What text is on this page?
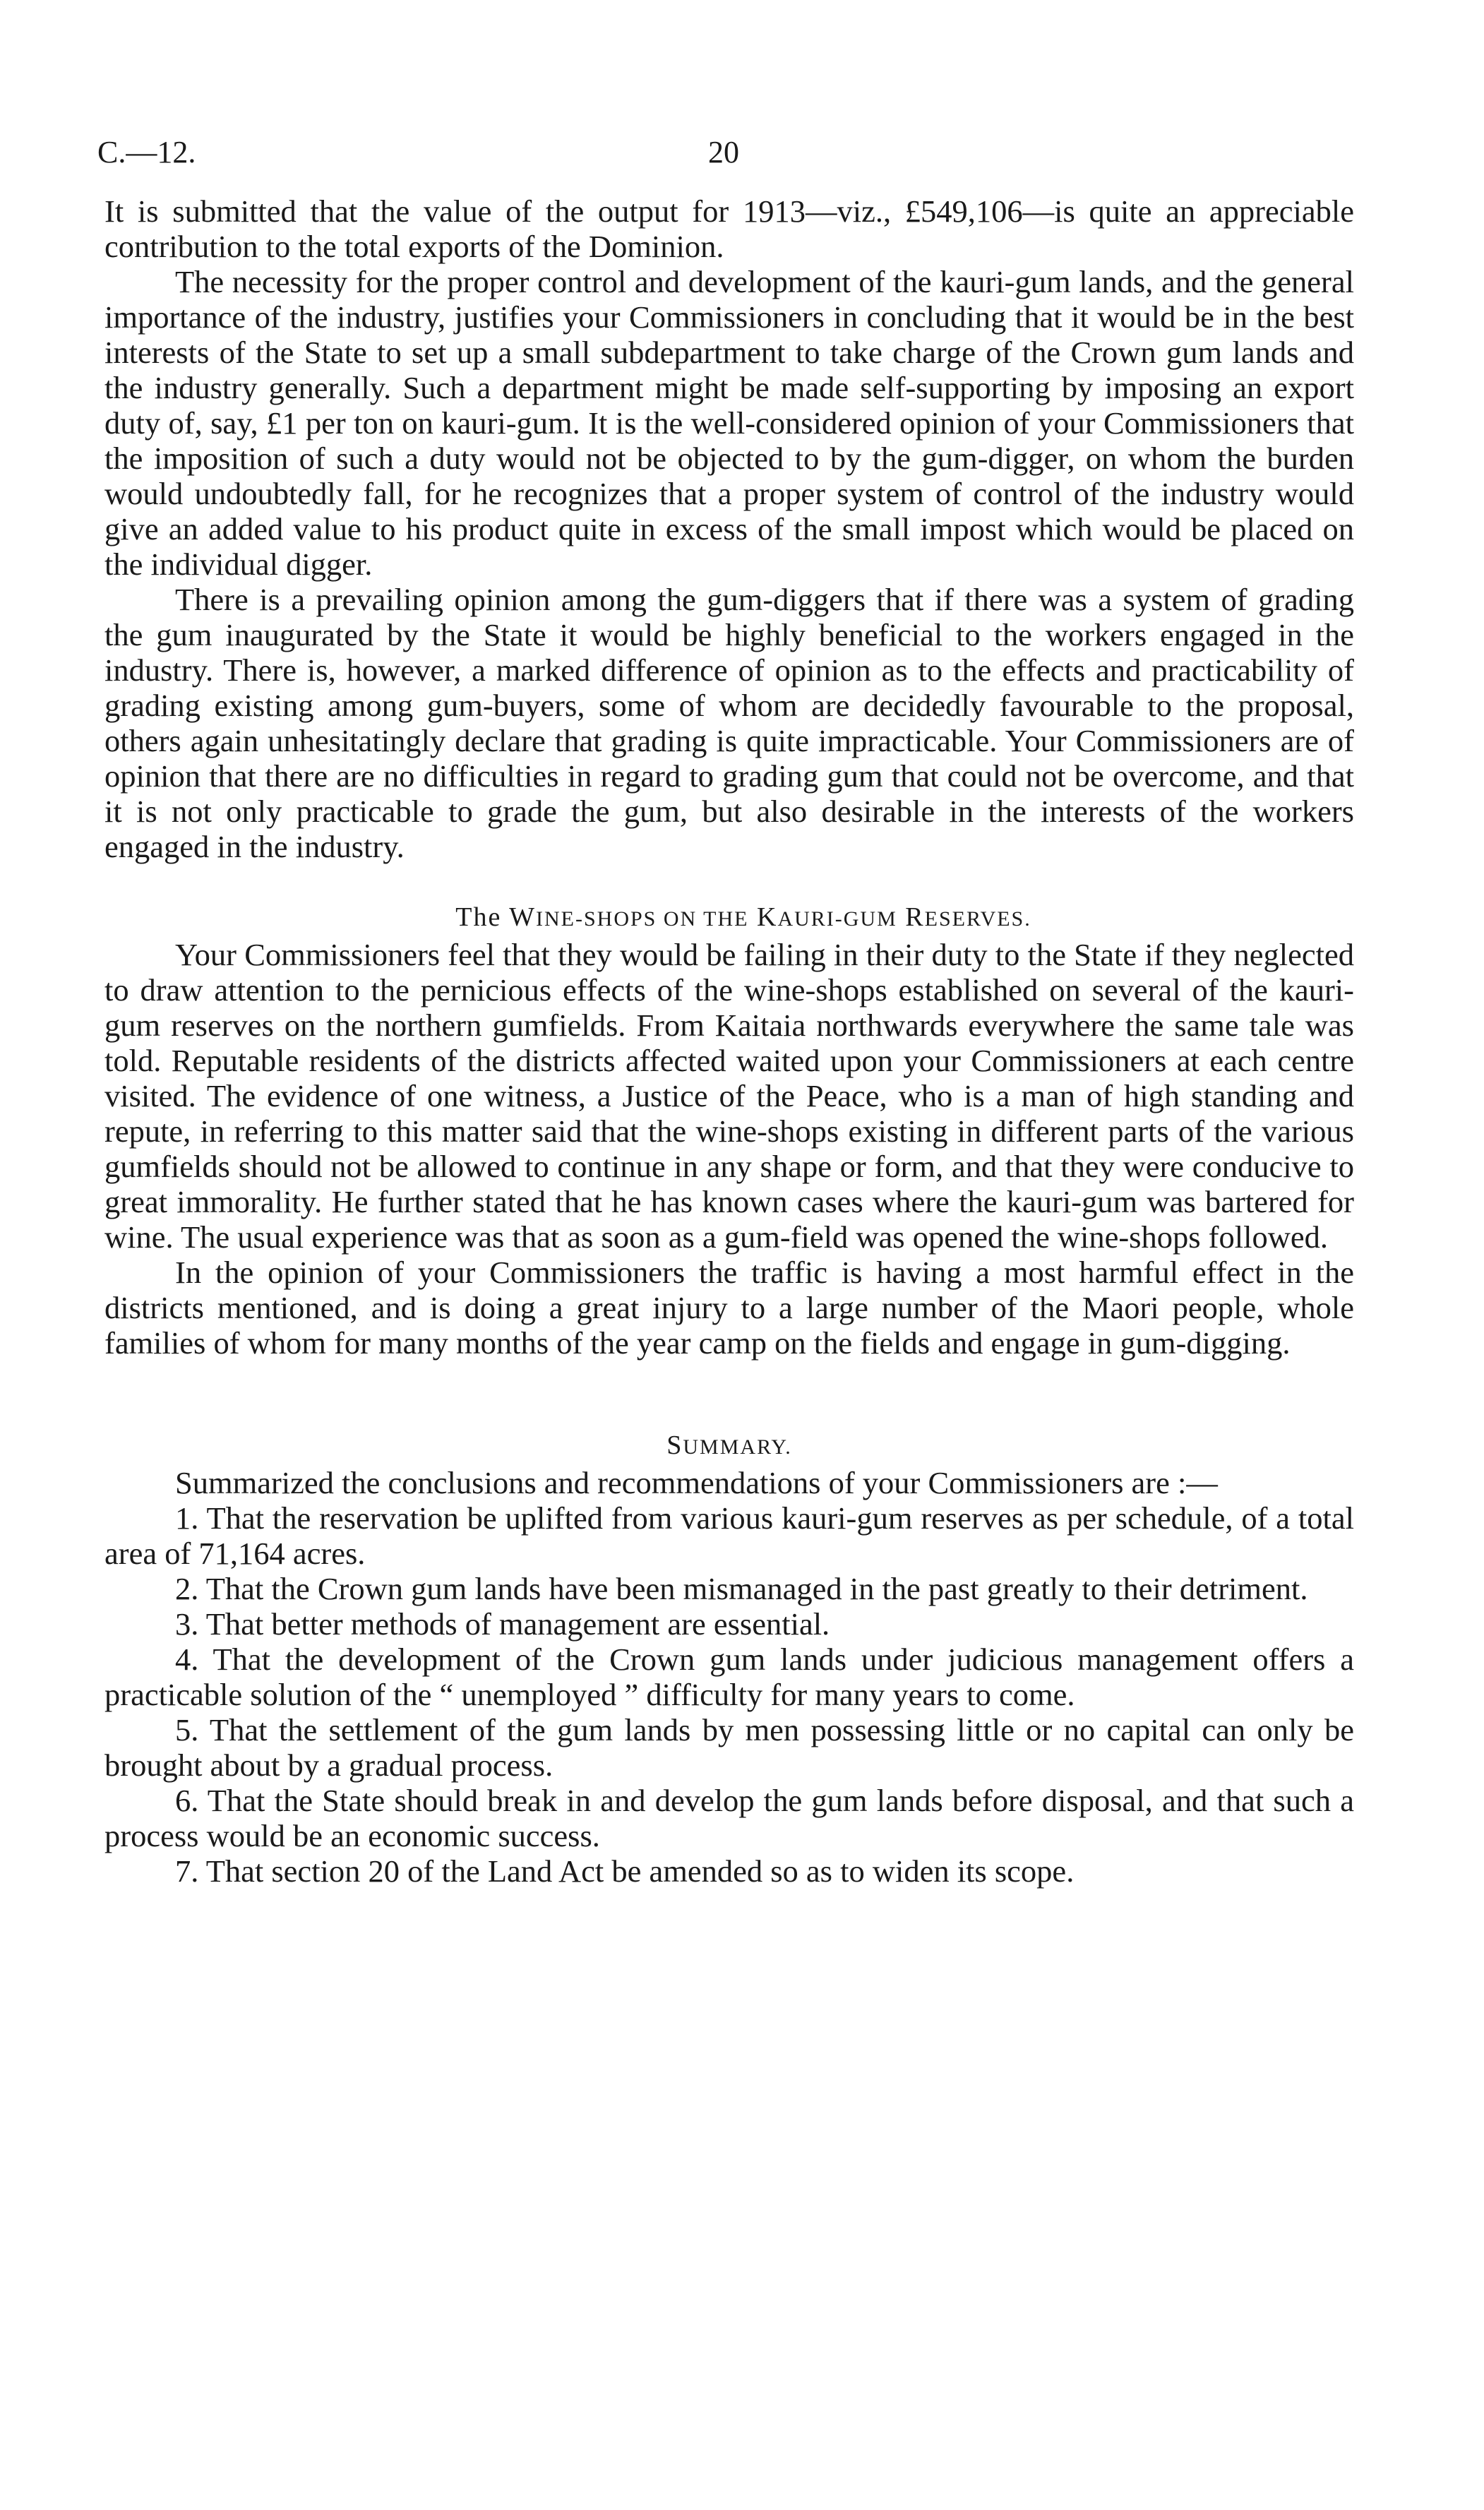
C.—12.	20

It is submitted that the value of the output for 1913—viz., £549,106—is quite an appreciable contribution to the total exports of the Dominion.

The necessity for the proper control and development of the kauri-gum lands, and the general importance of the industry, justifies your Commissioners in concluding that it would be in the best interests of the State to set up a small subdepartment to take charge of the Crown gum lands and the industry generally. Such a department might be made self-supporting by imposing an export duty of, say, £1 per ton on kauri-gum. It is the well-considered opinion of your Commissioners that the imposition of such a duty would not be objected to by the gum-digger, on whom the burden would undoubtedly fall, for he recognizes that a proper system of control of the industry would give an added value to his product quite in excess of the small impost which would be placed on the individual digger.

There is a prevailing opinion among the gum-diggers that if there was a system of grading the gum inaugurated by the State it would be highly beneficial to the workers engaged in the industry. There is, however, a marked difference of opinion as to the effects and practicability of grading existing among gum-buyers, some of whom are decidedly favourable to the proposal, others again unhesitatingly declare that grading is quite impracticable. Your Commissioners are of opinion that there are no difficulties in regard to grading gum that could not be overcome, and that it is not only practicable to grade the gum, but also desirable in the interests of the workers engaged in the industry.

The WINE-SHOPS ON THE KAURI-GUM RESERVES.

Your Commissioners feel that they would be failing in their duty to the State if they neglected to draw attention to the pernicious effects of the wine-shops established on several of the kauri-gum reserves on the northern gumfields. From Kaitaia northwards everywhere the same tale was told. Reputable residents of the districts affected waited upon your Commissioners at each centre visited. The evidence of one witness, a Justice of the Peace, who is a man of high standing and repute, in referring to this matter said that the wine-shops existing in different parts of the various gumfields should not be allowed to continue in any shape or form, and that they were conducive to great immorality. He further stated that he has known cases where the kauri-gum was bartered for wine. The usual experience was that as soon as a gum-field was opened the wine-shops followed.

In the opinion of your Commissioners the traffic is having a most harmful effect in the districts mentioned, and is doing a great injury to a large number of the Maori people, whole families of whom for many months of the year camp on the fields and engage in gum-digging.

SUMMARY.

Summarized the conclusions and recommendations of your Commissioners are :—

1. That the reservation be uplifted from various kauri-gum reserves as per schedule, of a total area of 71,164 acres.

2. That the Crown gum lands have been mismanaged in the past greatly to their detriment.

3. That better methods of management are essential.

4. That the development of the Crown gum lands under judicious management offers a practicable solution of the “ unemployed ” difficulty for many years to come.

5. That the settlement of the gum lands by men possessing little or no capital can only be brought about by a gradual process.

6. That the State should break in and develop the gum lands before disposal, and that such a process would be an economic success.

7. That section 20 of the Land Act be amended so as to widen its scope.
